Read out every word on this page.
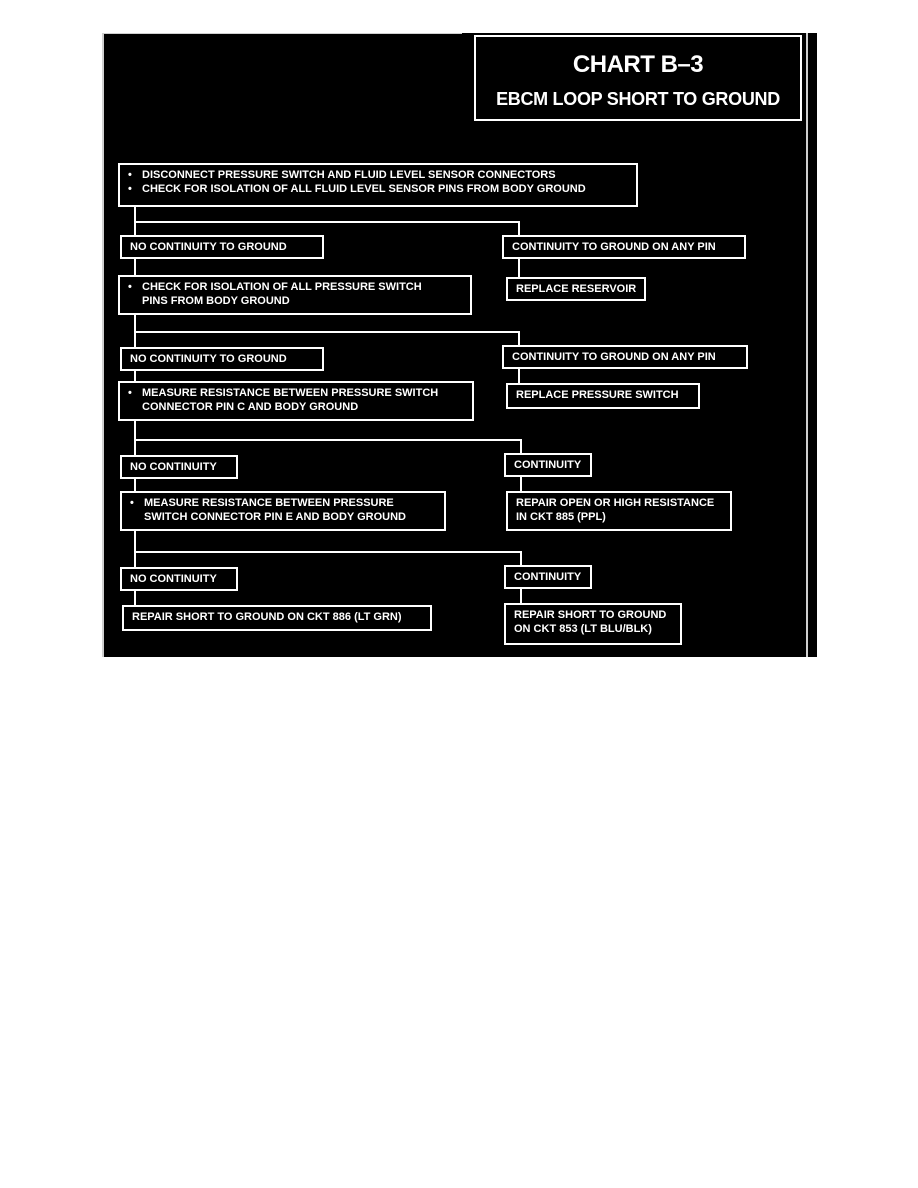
CHART B–3
EBCM LOOP SHORT TO GROUND
• DISCONNECT PRESSURE SWITCH AND FLUID LEVEL SENSOR CONNECTORS
• CHECK FOR ISOLATION OF ALL FLUID LEVEL SENSOR PINS FROM BODY GROUND
NO CONTINUITY TO GROUND	CONTINUITY TO GROUND ON ANY PIN
REPLACE RESERVOIR
• CHECK FOR ISOLATION OF ALL PRESSURE SWITCH
PINS FROM BODY GROUND
NO CONTINUITY TO GROUND	CONTINUITY TO GROUND ON ANY PIN
REPLACE PRESSURE SWITCH
• MEASURE RESISTANCE BETWEEN PRESSURE SWITCH
CONNECTOR PIN C AND BODY GROUND
NO CONTINUITY	CONTINUITY
REPAIR OPEN OR HIGH RESISTANCE
IN CKT 885 (PPL)
• MEASURE RESISTANCE BETWEEN PRESSURE
SWITCH CONNECTOR PIN E AND BODY GROUND
NO CONTINUITY	CONTINUITY
REPAIR SHORT TO GROUND ON CKT 886 (LT GRN)	REPAIR SHORT TO GROUND
ON CKT 853 (LT BLU/BLK)
